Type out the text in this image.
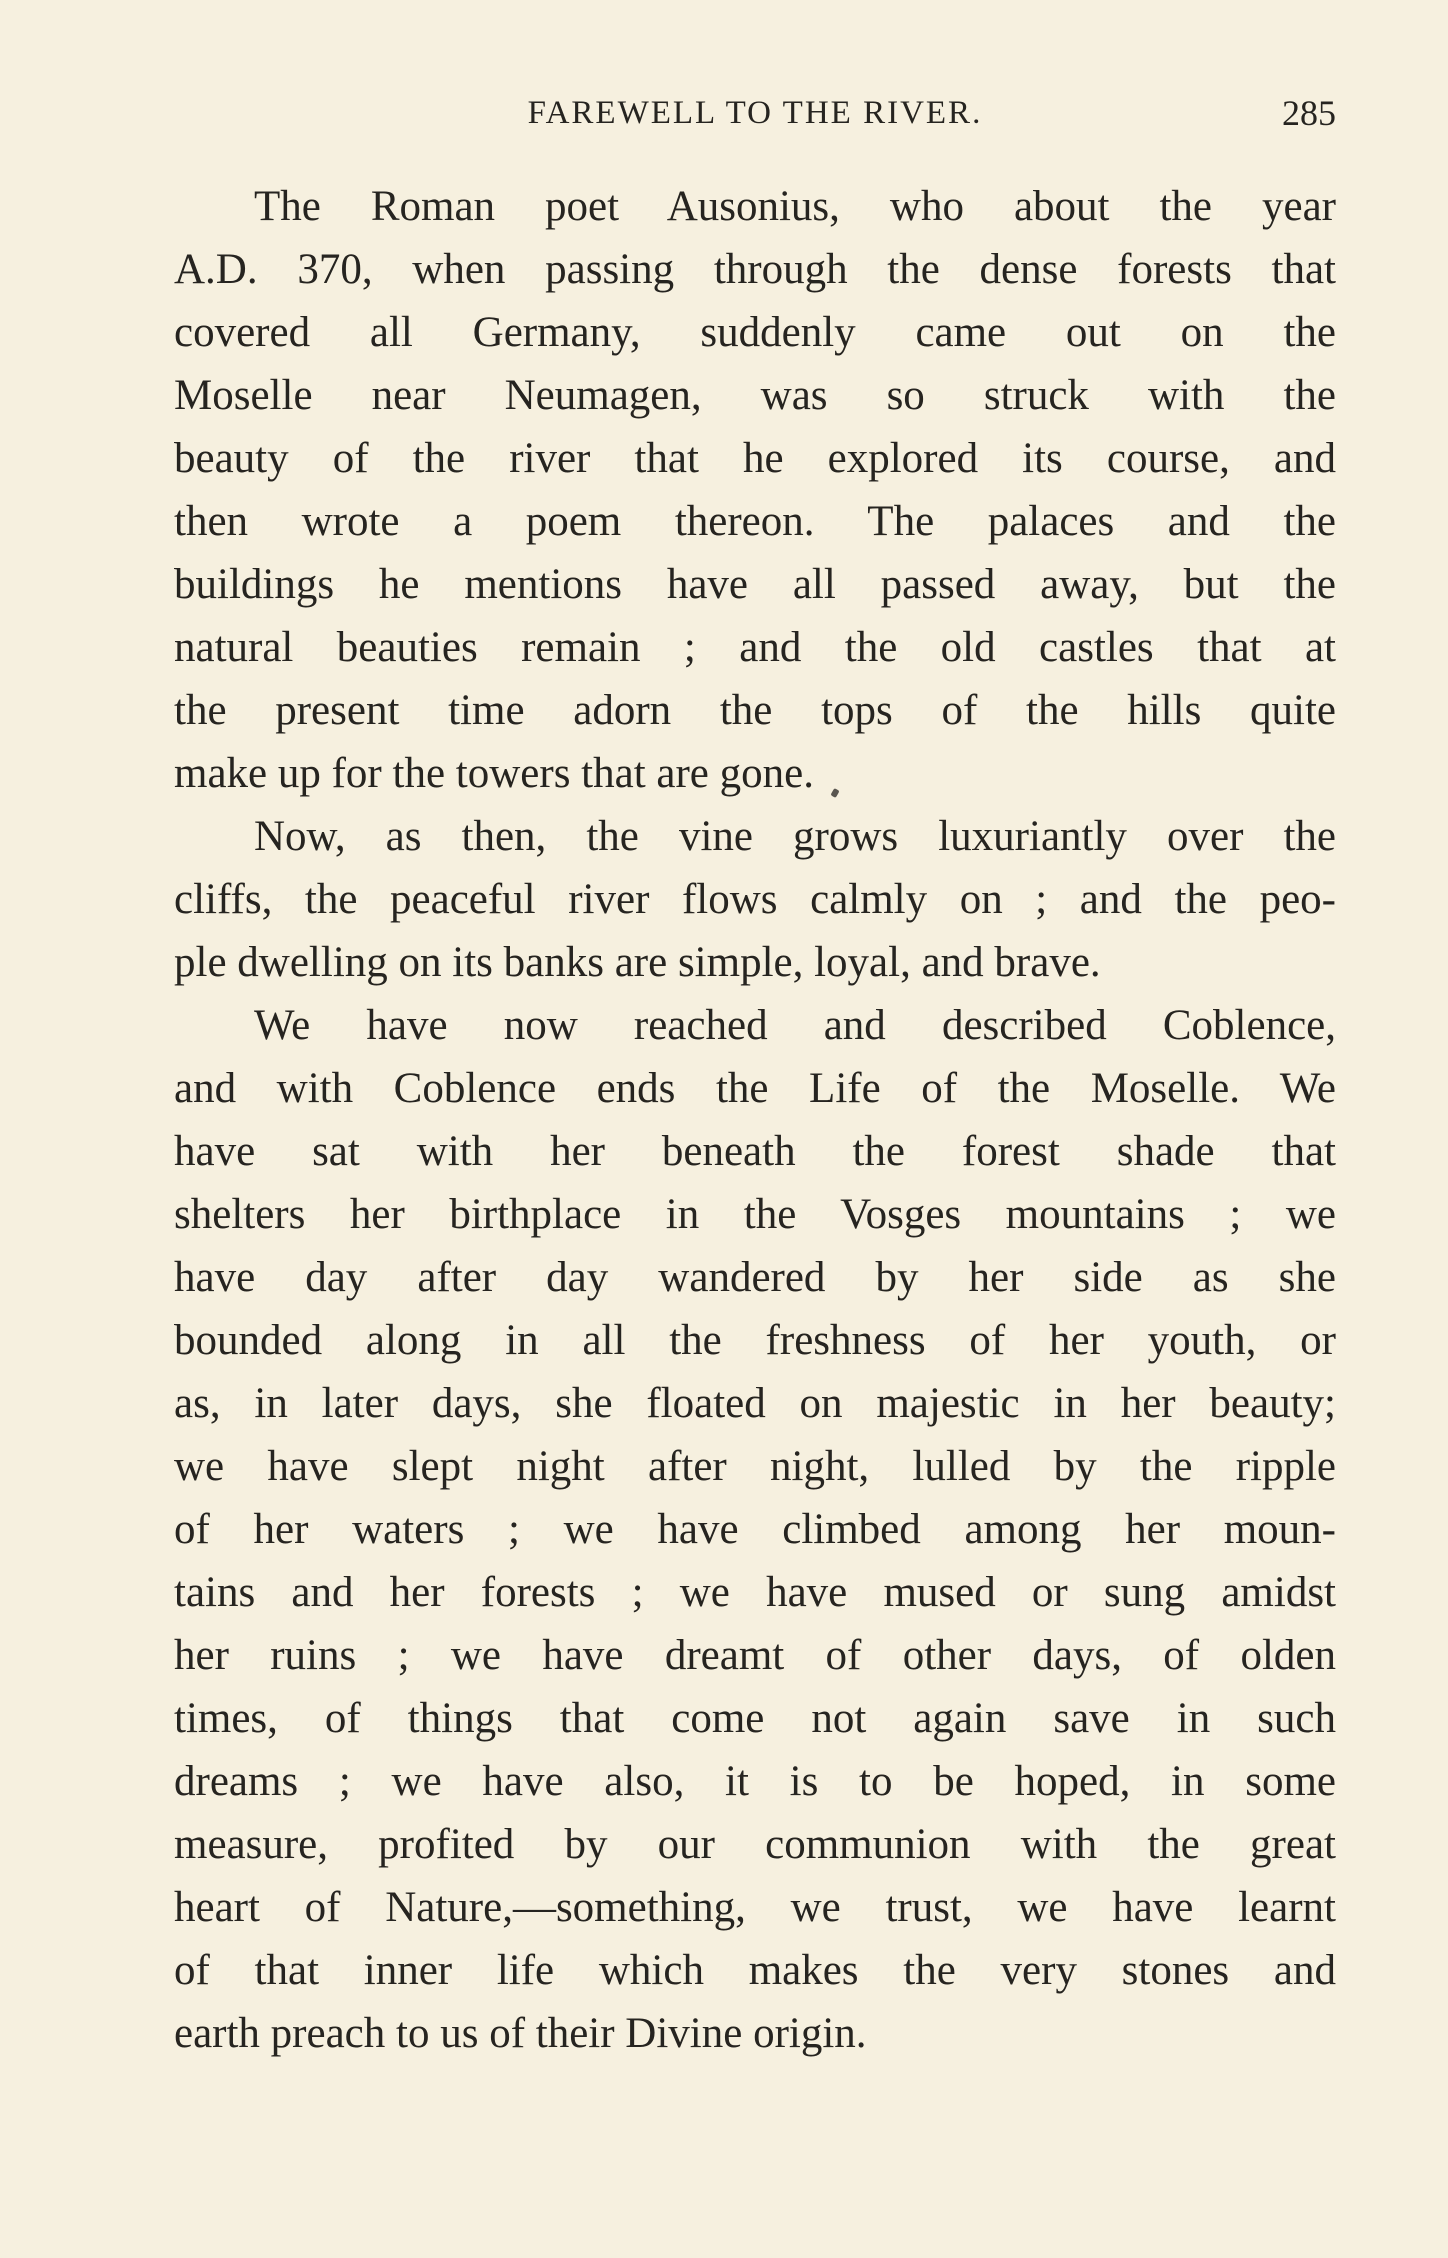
FAREWELL TO THE RIVER.	285
The Roman poet Ausonius, who about the year
A.D. 370, when passing through the dense forests that
covered all Germany, suddenly came out on the
Moselle near Neumagen, was so struck with the
beauty of the river that he explored its course, and
then wrote a poem thereon. The palaces and the
buildings he mentions have all passed away, but the
natural beauties remain ; and the old castles that at
the present time adorn the tops of the hills quite
make up for the towers that are gone.
Now, as then, the vine grows luxuriantly over the
cliffs, the peaceful river flows calmly on ; and the peo-
ple dwelling on its banks are simple, loyal, and brave.
We have now reached and described Coblence,
and with Coblence ends the Life of the Moselle. We
have sat with her beneath the forest shade that
shelters her birthplace in the Vosges mountains ; we
have day after day wandered by her side as she
bounded along in all the freshness of her youth, or
as, in later days, she floated on majestic in her beauty;
we have slept night after night, lulled by the ripple
of her waters ; we have climbed among her moun-
tains and her forests ; we have mused or sung amidst
her ruins ; we have dreamt of other days, of olden
times, of things that come not again save in such
dreams ; we have also, it is to be hoped, in some
measure, profited by our communion with the great
heart of Nature,—something, we trust, we have learnt
of that inner life which makes the very stones and
earth preach to us of their Divine origin.
